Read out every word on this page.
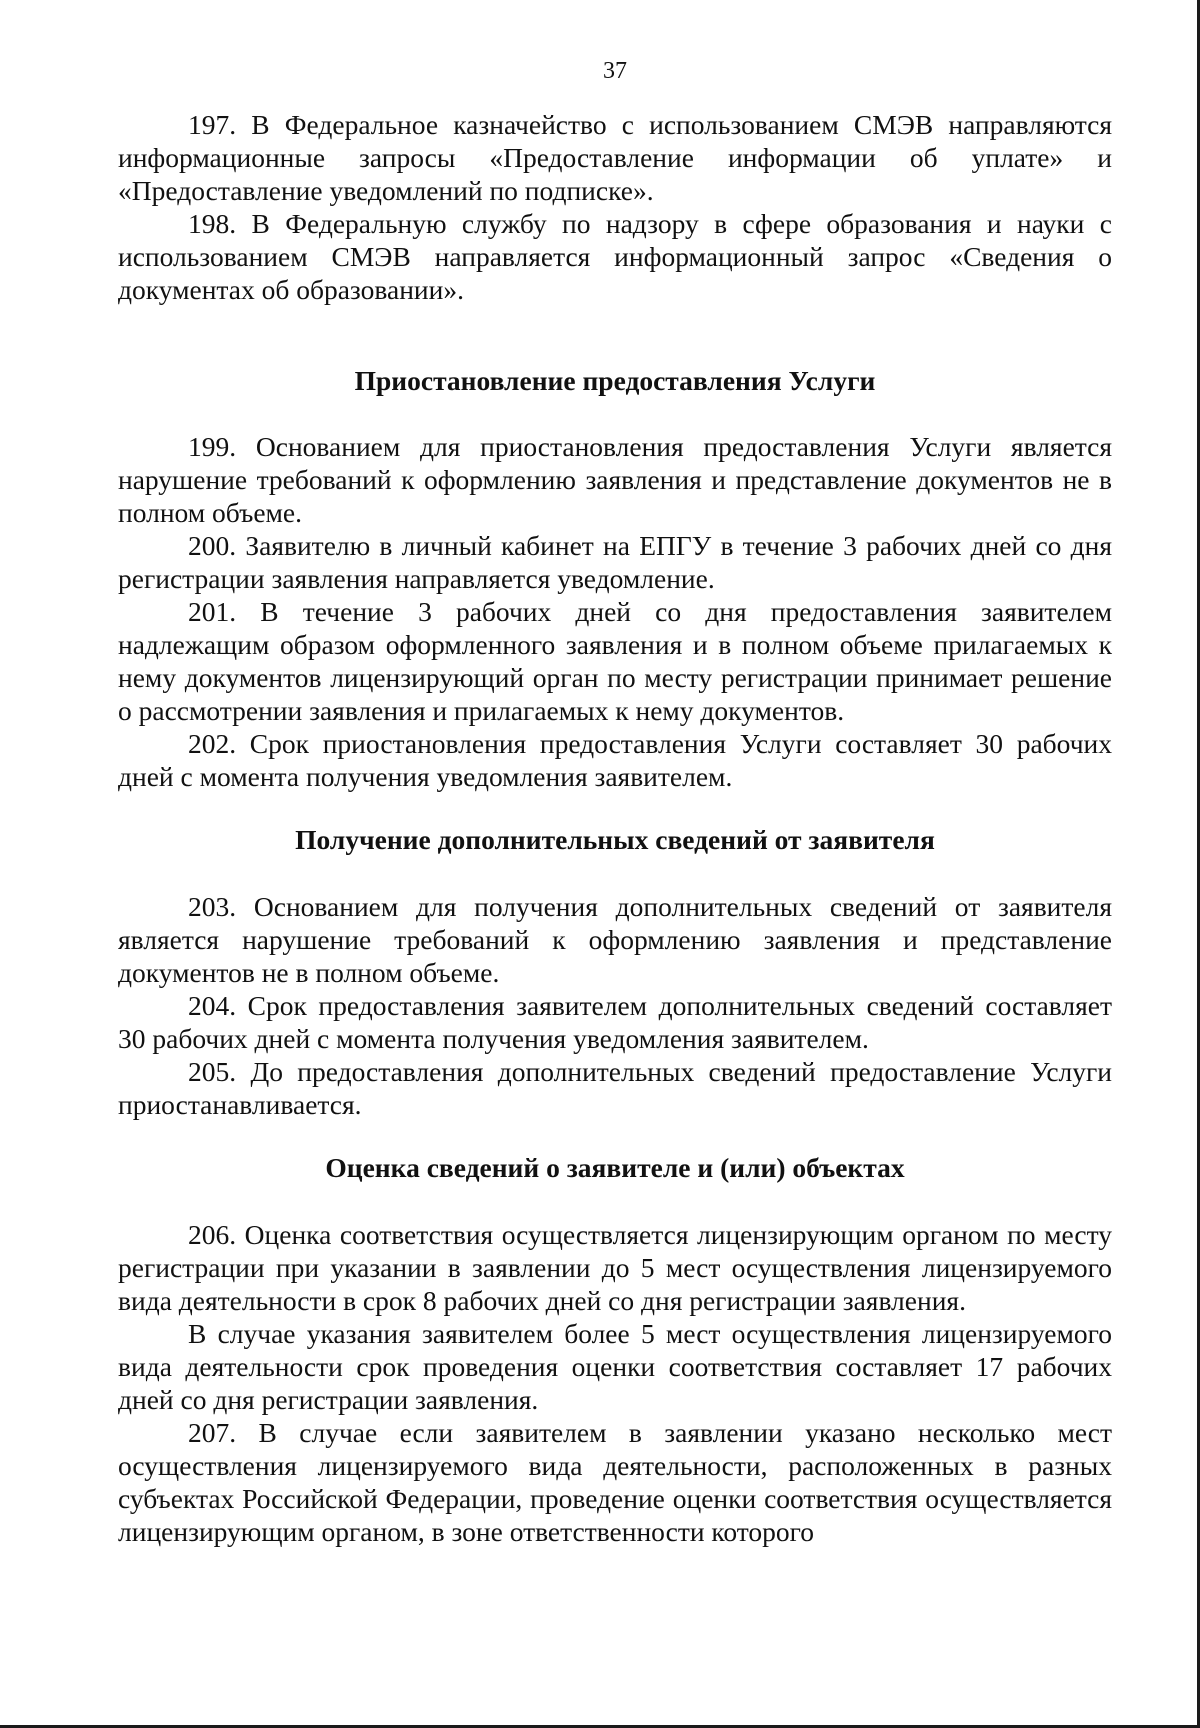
37

197. В Федеральное казначейство с использованием СМЭВ направляются информационные запросы «Предоставление информации об уплате» и «Предоставление уведомлений по подписке».

198. В Федеральную службу по надзору в сфере образования и науки с использованием СМЭВ направляется информационный запрос «Сведения о документах об образовании».

Приостановление предоставления Услуги

199. Основанием для приостановления предоставления Услуги является нарушение требований к оформлению заявления и представление документов не в полном объеме.

200. Заявителю в личный кабинет на ЕПГУ в течение 3 рабочих дней со дня регистрации заявления направляется уведомление.

201. В течение 3 рабочих дней со дня предоставления заявителем надлежащим образом оформленного заявления и в полном объеме прилагаемых к нему документов лицензирующий орган по месту регистрации принимает решение о рассмотрении заявления и прилагаемых к нему документов.

202. Срок приостановления предоставления Услуги составляет 30 рабочих дней с момента получения уведомления заявителем.

Получение дополнительных сведений от заявителя

203. Основанием для получения дополнительных сведений от заявителя является нарушение требований к оформлению заявления и представление документов не в полном объеме.

204. Срок предоставления заявителем дополнительных сведений составляет 30 рабочих дней с момента получения уведомления заявителем.

205. До предоставления дополнительных сведений предоставление Услуги приостанавливается.

Оценка сведений о заявителе и (или) объектах

206. Оценка соответствия осуществляется лицензирующим органом по месту регистрации при указании в заявлении до 5 мест осуществления лицензируемого вида деятельности в срок 8 рабочих дней со дня регистрации заявления.

В случае указания заявителем более 5 мест осуществления лицензируемого вида деятельности срок проведения оценки соответствия составляет 17 рабочих дней со дня регистрации заявления.

207. В случае если заявителем в заявлении указано несколько мест осуществления лицензируемого вида деятельности, расположенных в разных субъектах Российской Федерации, проведение оценки соответствия осуществляется лицензирующим органом, в зоне ответственности которого
